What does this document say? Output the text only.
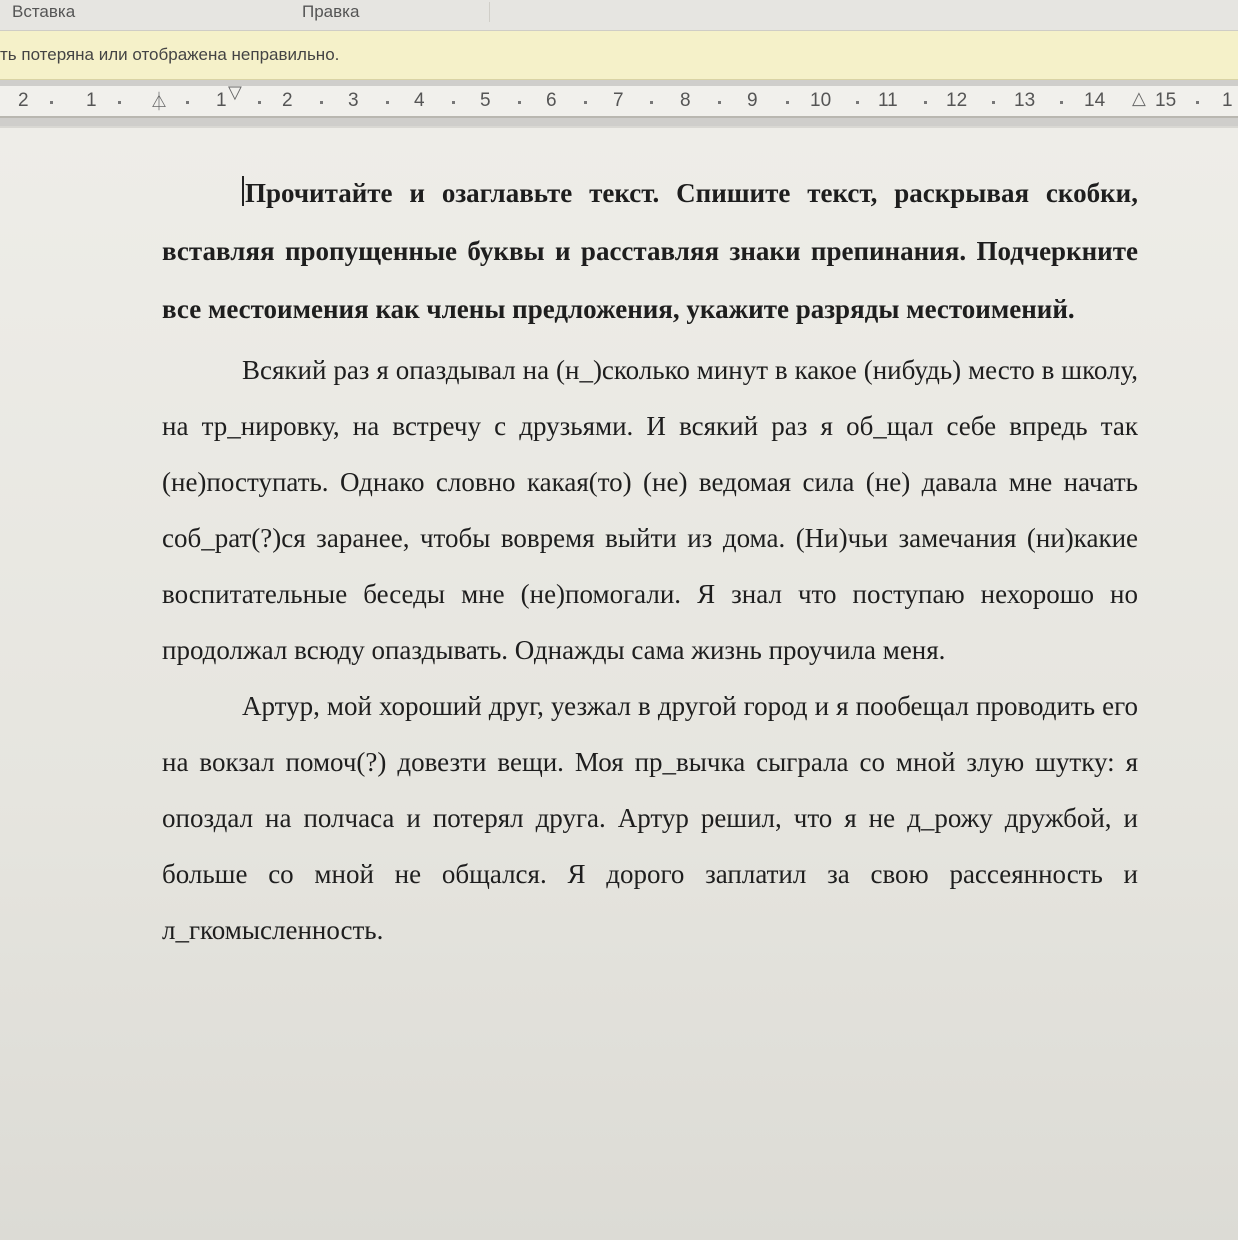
Вставка	Правка
ть потеряна или отображена неправильно.
2	1	⏃	1 ▽ 2	3	4	5	6	7	8	9	10 11	12 13	14 △ 15 1

Прочитайте и озаглавьте текст. Спишите текст, раскрывая скобки, вставляя пропущенные буквы и расставляя знаки препинания. Подчеркните все местоимения как члены предложения, укажите разряды местоимений.

Всякий раз я опаздывал на (н_)сколько минут в какое (нибудь) место в школу, на тр_нировку, на встречу с друзьями. И всякий раз я об_щал себе впредь так (не)поступать. Однако словно какая(то) (не) ведомая сила (не) давала мне начать соб_рат(?)ся заранее, чтобы вовремя выйти из дома. (Ни)чьи замечания (ни)какие воспитательные беседы мне (не)помогали. Я знал что поступаю нехорошо но продолжал всюду опаздывать. Однажды сама жизнь проучила меня.

Артур, мой хороший друг, уезжал в другой город и я пообещал проводить его на вокзал помоч(?) довезти вещи. Моя пр_вычка сыграла со мной злую шутку: я опоздал на полчаса и потерял друга. Артур решил, что я не д_рожу дружбой, и больше со мной не общался. Я дорого заплатил за свою рассеянность и л_гкомысленность.
